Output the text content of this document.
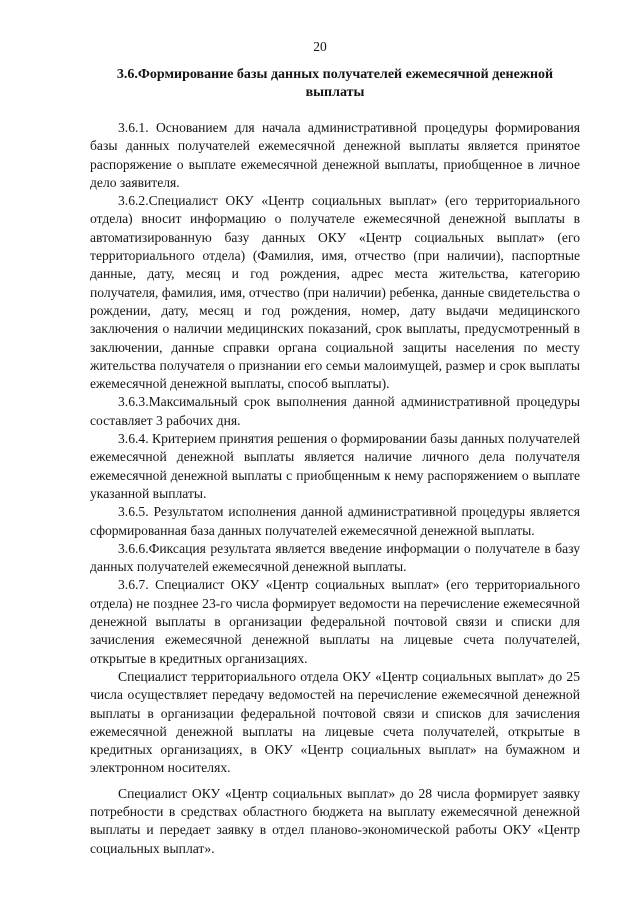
20
3.6.Формирование базы данных получателей ежемесячной денежной выплаты

3.6.1. Основанием для начала административной процедуры формирования базы данных получателей ежемесячной денежной выплаты является принятое распоряжение о выплате ежемесячной денежной выплаты, приобщенное в личное дело заявителя.

3.6.2.Специалист ОКУ «Центр социальных выплат» (его территориального отдела) вносит информацию о получателе ежемесячной денежной выплаты в автоматизированную базу данных ОКУ «Центр социальных выплат» (его территориального отдела) (Фамилия, имя, отчество (при наличии), паспортные данные, дату, месяц и год рождения, адрес места жительства, категорию получателя, фамилия, имя, отчество (при наличии) ребенка, данные свидетельства о рождении, дату, месяц и год рождения, номер, дату выдачи медицинского заключения о наличии медицинских показаний, срок выплаты, предусмотренный в заключении, данные справки органа социальной защиты населения по месту жительства получателя о признании его семьи малоимущей, размер и срок выплаты ежемесячной денежной выплаты, способ выплаты).

3.6.3.Максимальный срок выполнения данной административной процедуры составляет 3 рабочих дня.

3.6.4. Критерием принятия решения о формировании базы данных получателей ежемесячной денежной выплаты является наличие личного дела получателя ежемесячной денежной выплаты с приобщенным к нему распоряжением о выплате указанной выплаты.

3.6.5. Результатом исполнения данной административной процедуры является сформированная база данных получателей ежемесячной денежной выплаты.

3.6.6.Фиксация результата является введение информации о получателе в базу данных получателей ежемесячной денежной выплаты.

3.6.7. Специалист ОКУ «Центр социальных выплат» (его территориального отдела) не позднее 23-го числа формирует ведомости на перечисление ежемесячной денежной выплаты в организации федеральной почтовой связи и списки для зачисления ежемесячной денежной выплаты на лицевые счета получателей, открытые в кредитных организациях.

Специалист территориального отдела ОКУ «Центр социальных выплат» до 25 числа осуществляет передачу ведомостей на перечисление ежемесячной денежной выплаты в организации федеральной почтовой связи и списков для зачисления ежемесячной денежной выплаты на лицевые счета получателей, открытые в кредитных организациях, в ОКУ «Центр социальных выплат» на бумажном и электронном носителях.

Специалист ОКУ «Центр социальных выплат» до 28 числа формирует заявку потребности в средствах областного бюджета на выплату ежемесячной денежной выплаты и передает заявку в отдел планово-экономической работы ОКУ «Центр социальных выплат».
